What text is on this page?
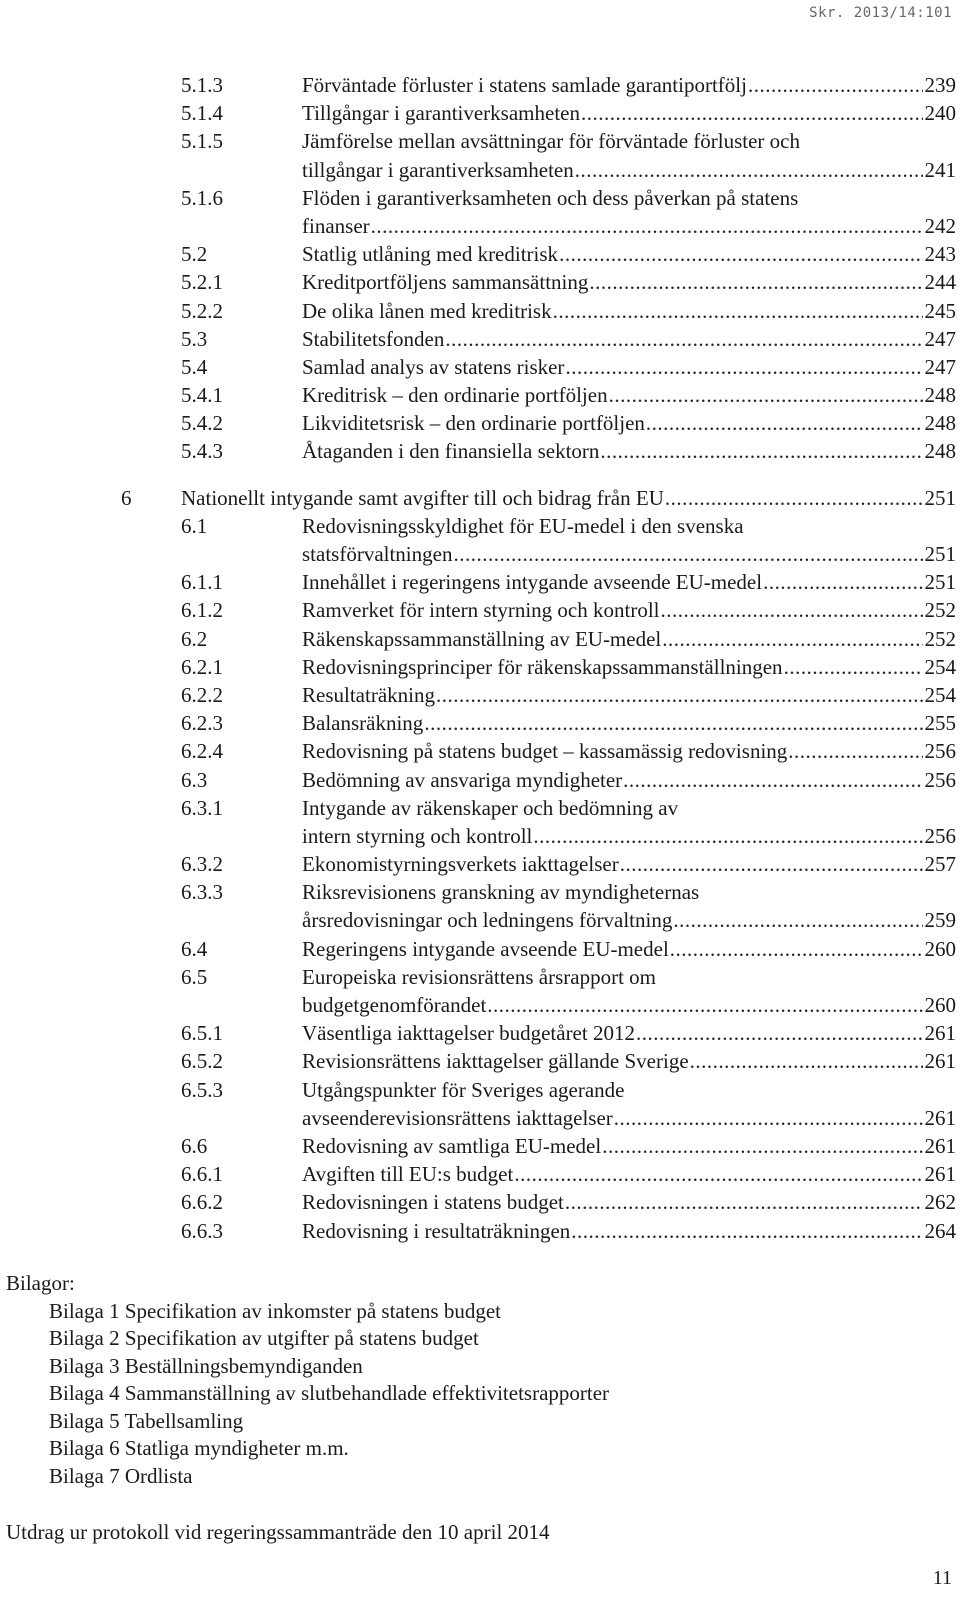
Skr. 2013/14:101
5.1.3	Förväntade förluster i statens samlade garantiportfölj .....	239
5.1.4	Tillgångar i garantiverksamheten .....	240
5.1.5	Jämförelse mellan avsättningar för förväntade förluster och
tillgångar i garantiverksamheten .....	241
5.1.6	Flöden i garantiverksamheten och dess påverkan på statens
finanser .....	242
5.2	Statlig utlåning med kreditrisk .....	243
5.2.1	Kreditportföljens sammansättning .....	244
5.2.2	De olika lånen med kreditrisk .....	245
5.3	Stabilitetsfonden .....	247
5.4	Samlad analys av statens risker .....	247
5.4.1	Kreditrisk – den ordinarie portföljen .....	248
5.4.2	Likviditetsrisk – den ordinarie portföljen .....	248
5.4.3	Åtaganden i den finansiella sektorn .....	248
6 Nationellt intygande samt avgifter till och bidrag från EU .....	251
6.1	Redovisningsskyldighet för EU-medel i den svenska
statsförvaltningen .....	251
6.1.1	Innehållet i regeringens intygande avseende EU-medel .....	251
6.1.2	Ramverket för intern styrning och kontroll .....	252
6.2	Räkenskapssammanställning av EU-medel .....	252
6.2.1	Redovisningsprinciper för räkenskapssammanställningen .....	254
6.2.2	Resultaträkning .....	254
6.2.3	Balansräkning .....	255
6.2.4	Redovisning på statens budget – kassamässig redovisning .....	256
6.3	Bedömning av ansvariga myndigheter .....	256
6.3.1	Intygande av räkenskaper och bedömning av
intern styrning och kontroll .....	256
6.3.2	Ekonomistyrningsverkets iakttagelser .....	257
6.3.3	Riksrevisionens granskning av myndigheternas
årsredovisningar och ledningens förvaltning .....	259
6.4	Regeringens intygande avseende EU-medel .....	260
6.5	Europeiska revisionsrättens årsrapport om
budgetgenomförandet .....	260
6.5.1	Väsentliga iakttagelser budgetåret 2012 .....	261
6.5.2	Revisionsrättens iakttagelser gällande Sverige .....	261
6.5.3	Utgångspunkter för Sveriges agerande
avseenderevisionsrättens iakttagelser .....	261
6.6	Redovisning av samtliga EU-medel .....	261
6.6.1	Avgiften till EU:s budget .....	261
6.6.2	Redovisningen i statens budget .....	262
6.6.3	Redovisning i resultaträkningen .....	264
Bilagor:
Bilaga 1 Specifikation av inkomster på statens budget
Bilaga 2 Specifikation av utgifter på statens budget
Bilaga 3 Beställningsbemyndiganden
Bilaga 4 Sammanställning av slutbehandlade effektivitetsrapporter
Bilaga 5 Tabellsamling
Bilaga 6 Statliga myndigheter m.m.
Bilaga 7 Ordlista
Utdrag ur protokoll vid regeringssammanträde den 10 april 2014
11
